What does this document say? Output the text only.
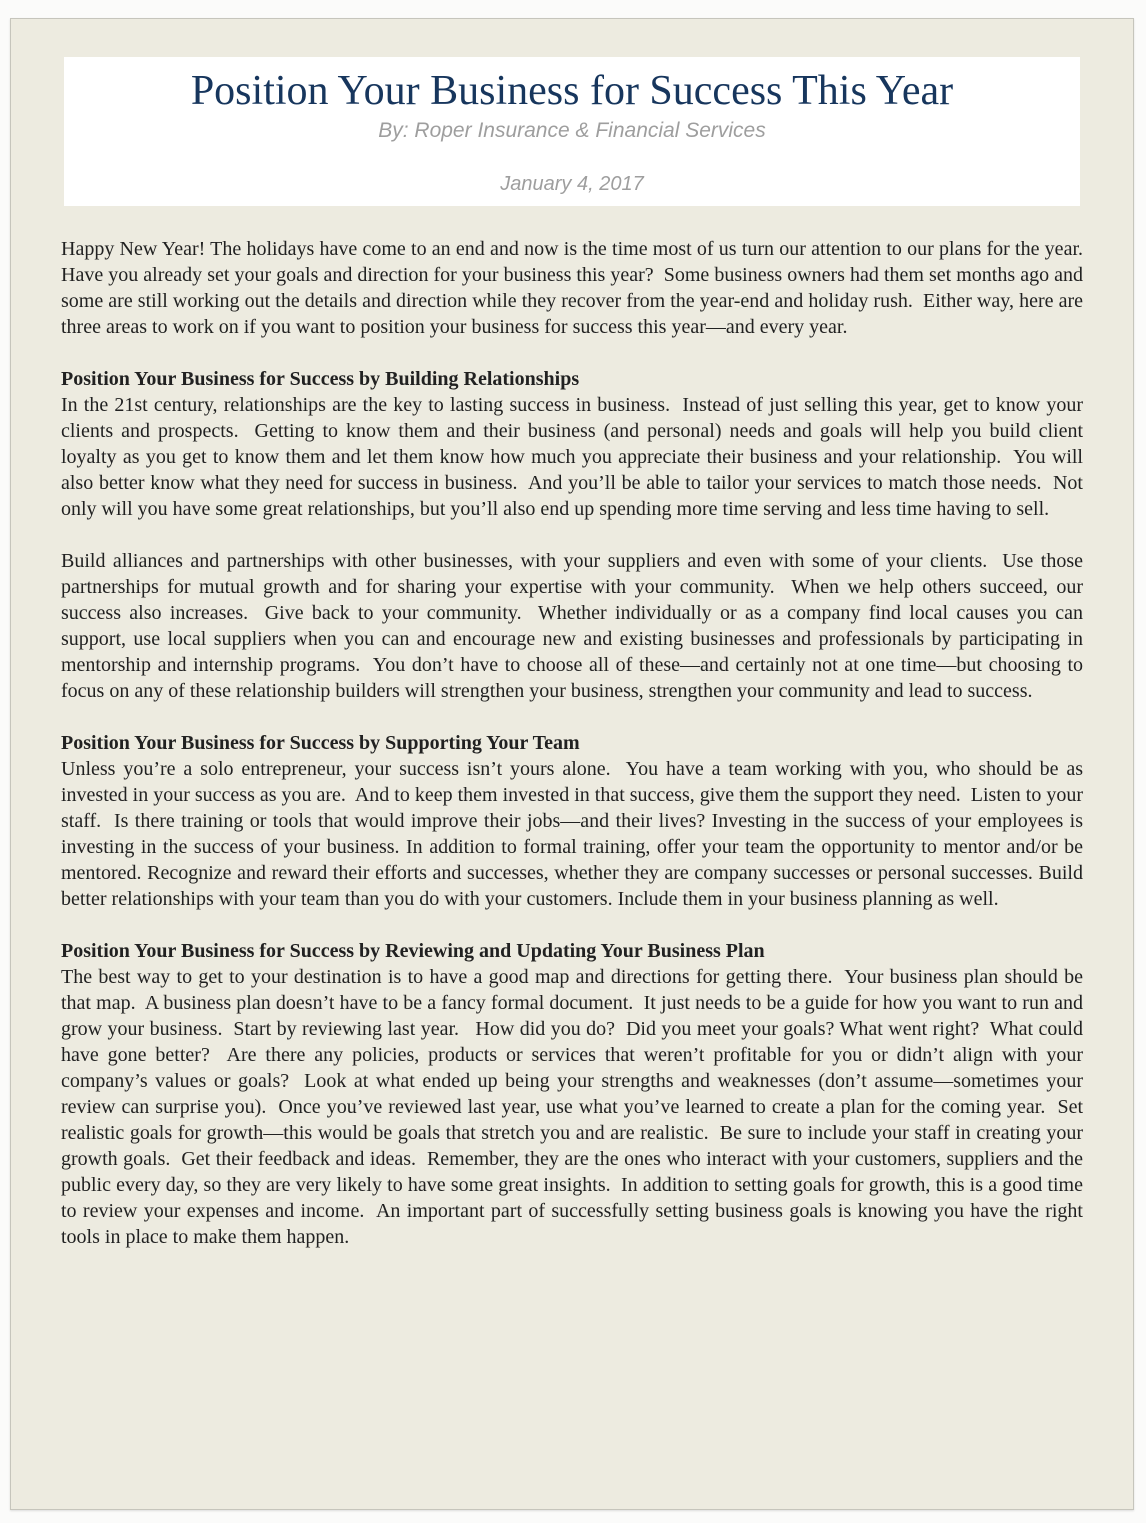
Position Your Business for Success This Year

By: Roper Insurance & Financial Services

January 4, 2017

Happy New Year! The holidays have come to an end and now is the time most of us turn our attention to our plans for the year.  Have you already set your goals and direction for your business this year?  Some business owners had them set months ago and some are still working out the details and direction while they recover from the year-end and holiday rush.  Either way, here are three areas to work on if you want to position your business for success this year—and every year.

Position Your Business for Success by Building Relationships

In the 21st century, relationships are the key to lasting success in business.  Instead of just selling this year, get to know your clients and prospects.  Getting to know them and their business (and personal) needs and goals will help you build client loyalty as you get to know them and let them know how much you appreciate their business and your relationship.  You will also better know what they need for success in business.  And you’ll be able to tailor your services to match those needs.  Not only will you have some great relationships, but you’ll also end up spending more time serving and less time having to sell.

Build alliances and partnerships with other businesses, with your suppliers and even with some of your clients.  Use those partnerships for mutual growth and for sharing your expertise with your community.  When we help others succeed, our success also increases.  Give back to your community.  Whether individually or as a company find local causes you can support, use local suppliers when you can and encourage new and existing businesses and professionals by participating in mentorship and internship programs.  You don’t have to choose all of these—and certainly not at one time—but choosing to focus on any of these relationship builders will strengthen your business, strengthen your community and lead to success.

Position Your Business for Success by Supporting Your Team

Unless you’re a solo entrepreneur, your success isn’t yours alone.  You have a team working with you, who should be as invested in your success as you are.  And to keep them invested in that success, give them the support they need.  Listen to your staff.  Is there training or tools that would improve their jobs—and their lives? Investing in the success of your employees is investing in the success of your business. In addition to formal training, offer your team the opportunity to mentor and/or be mentored. Recognize and reward their efforts and successes, whether they are company successes or personal successes. Build better relationships with your team than you do with your customers. Include them in your business planning as well.

Position Your Business for Success by Reviewing and Updating Your Business Plan

The best way to get to your destination is to have a good map and directions for getting there.  Your business plan should be that map.  A business plan doesn’t have to be a fancy formal document.  It just needs to be a guide for how you want to run and grow your business.  Start by reviewing last year.   How did you do?  Did you meet your goals? What went right?  What could have gone better?  Are there any policies, products or services that weren’t profitable for you or didn’t align with your company’s values or goals?  Look at what ended up being your strengths and weaknesses (don’t assume—sometimes your review can surprise you).  Once you’ve reviewed last year, use what you’ve learned to create a plan for the coming year.  Set realistic goals for growth—this would be goals that stretch you and are realistic.  Be sure to include your staff in creating your growth goals.  Get their feedback and ideas.  Remember, they are the ones who interact with your customers, suppliers and the public every day, so they are very likely to have some great insights.  In addition to setting goals for growth, this is a good time to review your expenses and income.  An important part of successfully setting business goals is knowing you have the right tools in place to make them happen.
